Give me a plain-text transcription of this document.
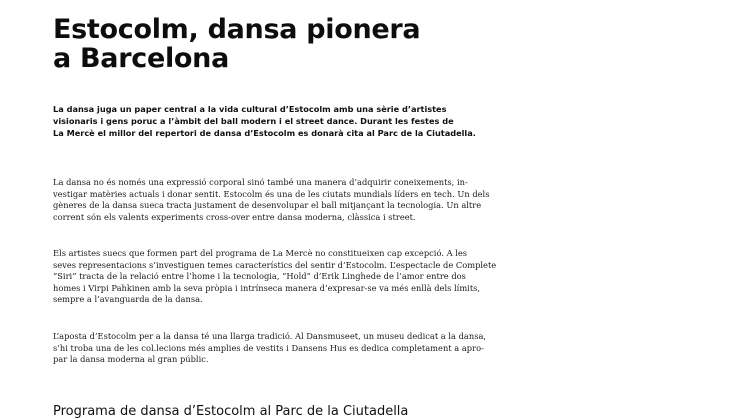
Estocolm, dansa pionera
a Barcelona

La dansa juga un paper central a la vida cultural d’Estocolm amb una sèrie d’artistes
visionaris i gens poruc a l’àmbit del ball modern i el street dance. Durant les festes de
La Mercè el millor del repertori de dansa d’Estocolm es donarà cita al Parc de la Ciutadella.

La dansa no és només una expressió corporal sinó també una manera d’adquirir coneixements, in-
vestigar matèries actuals i donar sentit. Estocolm és una de les ciutats mundials líders en tech. Un dels
gèneres de la dansa sueca tracta justament de desenvolupar el ball mitjançant la tecnologia. Un altre
corrent són els valents experiments cross-over entre dansa moderna, clàssica i street.

Els artistes suecs que formen part del programa de La Mercè no constitueixen cap excepció. A les
seves representacions s’investiguen temes característics del sentir d’Estocolm. L’espectacle de Complete
“Siri” tracta de la relació entre l’home i la tecnologia, “Hold” d’Erik Linghede de l’amor entre dos
homes i Virpi Pahkinen amb la seva pròpia i intrínseca manera d’expresar-se va més enllà dels límits,
sempre a l’avanguarda de la dansa.

L’aposta d’Estocolm per a la dansa té una llarga tradició. Al Dansmuseet, un museu dedicat a la dansa,
s’hi troba una de les col.lecions més amplies de vestits i Dansens Hus es dedica completament a apro-
par la dansa moderna al gran públic.

Programa de dansa d’Estocolm al Parc de la Ciutadella
